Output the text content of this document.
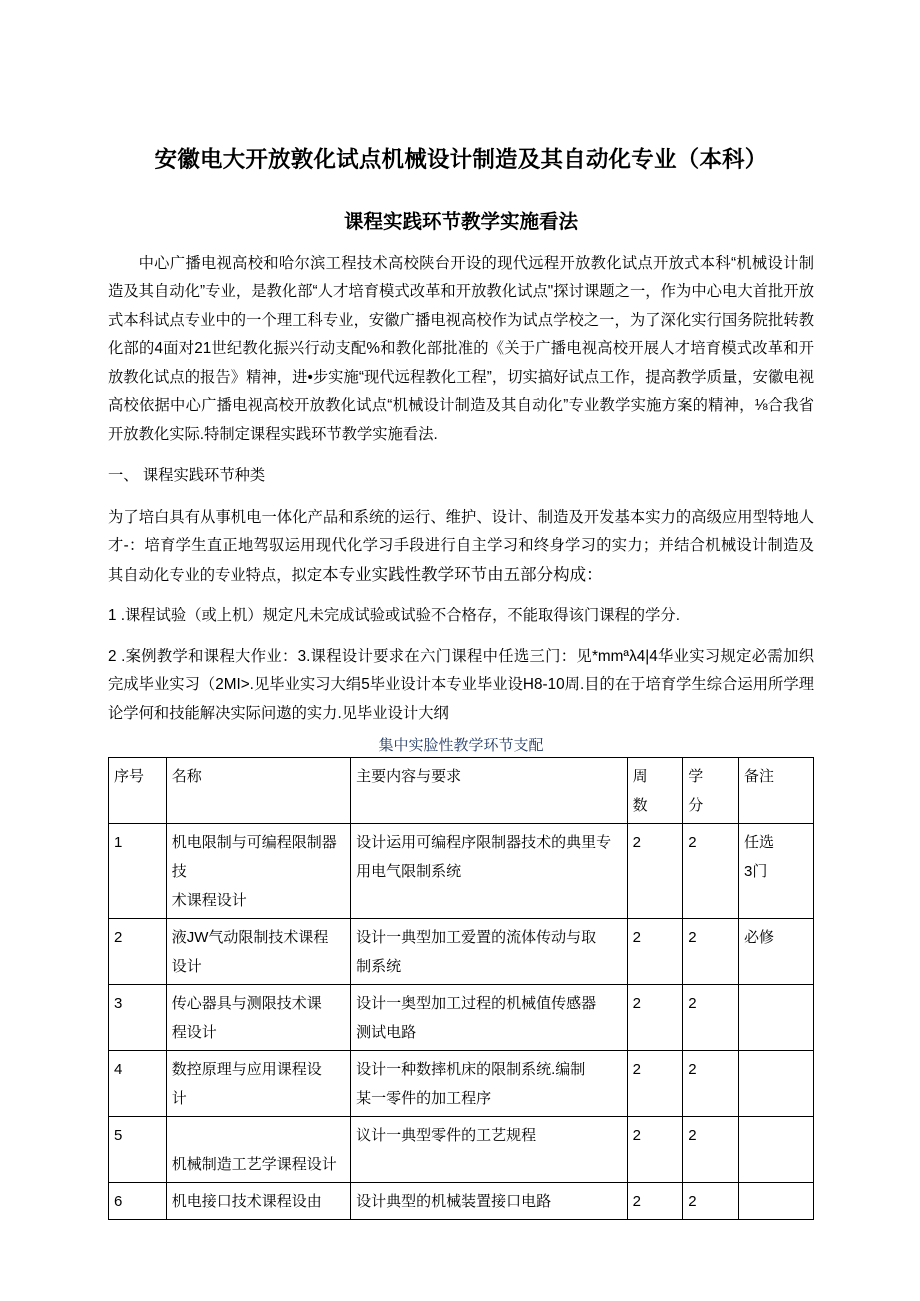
安徽电大开放敦化试点机械设计制造及其自动化专业（本科）
课程实践环节教学实施看法

中心广播电视高校和哈尔滨工程技术高校陕台开设的现代远程开放教化试点开放式本科“机械设计制造及其自动化”专业，是教化部“人才培育模式改革和开放教化试点"探讨课题之一，作为中心电大首批开放式本科试点专业中的一个理工科专业，安徽广播电视高校作为试点学校之一，为了深化实行国务院批转教化部的4面对21世纪教化振兴行动支配%和教化部批准的《关于广播电视高校开展人才培育模式改革和开放教化试点的报告》精神，进•步实施“现代远程教化工程”，切实搞好试点工作，提高教学质量，安徽电视高校依据中心广播电视高校开放教化试点“机械设计制造及其自动化”专业教学实施方案的精神，⅛合我省开放教化实际.特制定课程实践环节教学实施看法.

一、 课程实践环节种类

为了培白具有从事机电一体化产品和系统的运行、维护、设计、制造及开发基本实力的高级应用型特地人才-：培育学生直正地驾驭运用现代化学习手段进行自主学习和终身学习的实力；并结合机械设计制造及其自动化专业的专业特点，拟定本专业实践性教学环节由五部分构成：

1 .课程试验（或上机）规定凡未完成试验或试验不合格存，不能取得该门课程的学分.

2 .案例教学和课程大作业：3.课程设计要求在六门课程中任选三门：见*mmªλ4|4华业实习规定必需加织完成毕业实习（2MI>.见毕业实习大绢5毕业设计本专业毕业设H8-10周.目的在于培育学生综合运用所学理论学何和技能解决实际问遨的实力.见毕业设计大纲

集中实脸性教学环节支配

序号	名称	主要内容与要求	周
数	学
分	备注
1	机电限制与可编程限制器技
术课程设计	设计运用可编程序限制器技术的典里专
用电气限制系统	2	2	任选
3门

2	液JW气动限制技术课程
设计	设计一典型加工爱置的流体传动与取
制系统	2	2	必修

3	传心器具与测限技术课
程设计	设计一奥型加工过程的机械值传感器
测试电路	2	2	
4	数控原理与应用课程设
计	设计一种数摔机床的限制系统.编制
某一零件的加工程序	2	2	
5	机械制造工艺学课程设计	议计一典型零件的工艺规程	2	2	
6	机电接口技术课程设由	设计典型的机械装置接口电路	2	2	
